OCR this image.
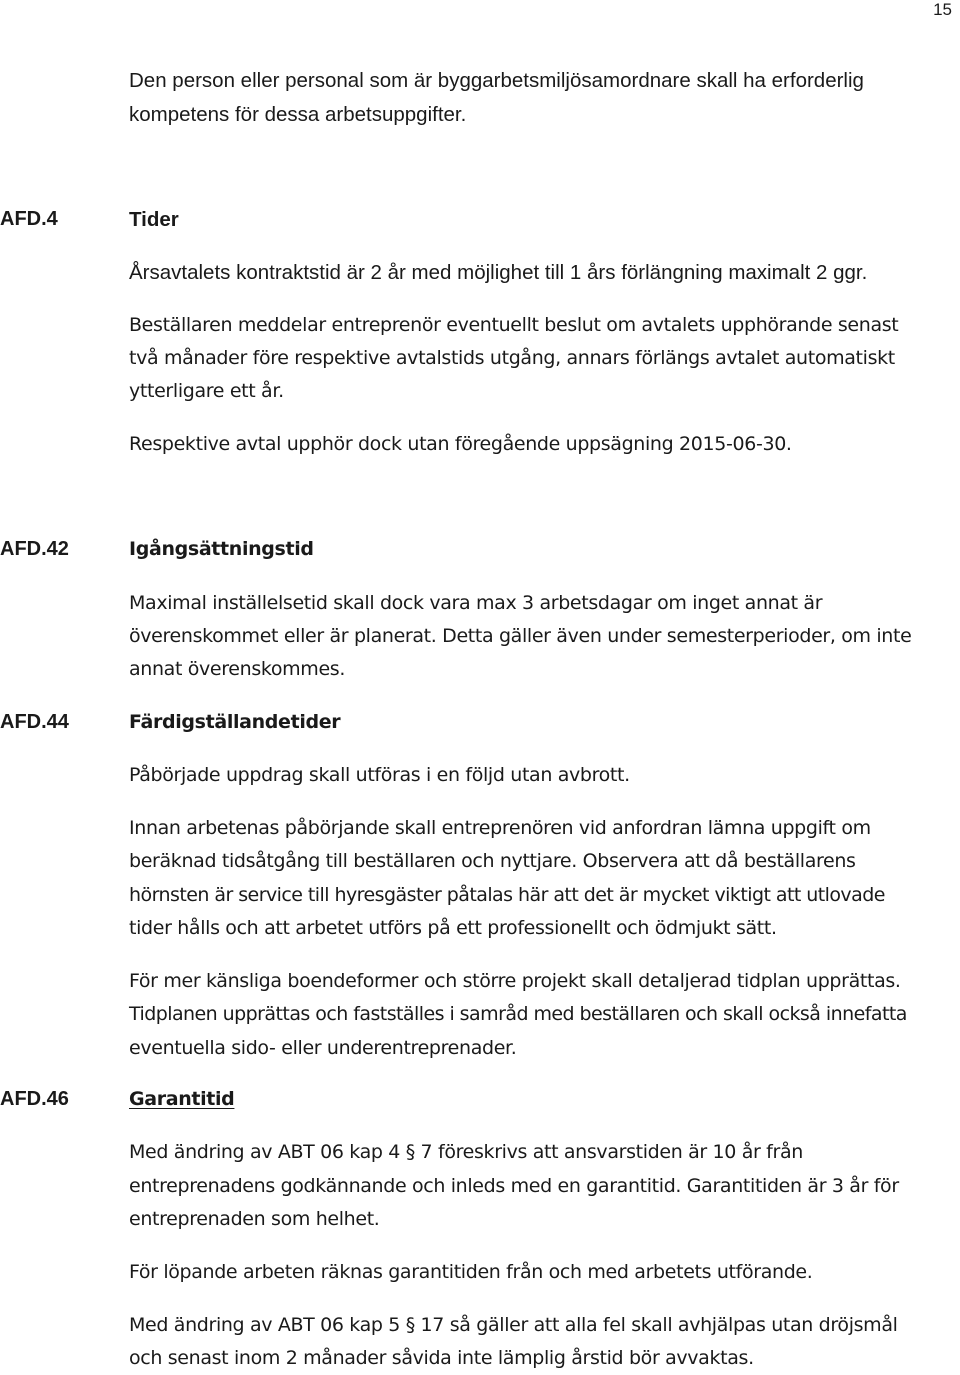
15
Den person eller personal som är byggarbetsmiljösamordnare skall ha erforderlig
kompetens för dessa arbetsuppgifter.
AFD.4	Tider
Årsavtalets kontraktstid är 2 år med möjlighet till 1 års förlängning maximalt 2 ggr.
Beställaren meddelar entreprenör eventuellt beslut om avtalets upphörande senast
två månader före respektive avtalstids utgång, annars förlängs avtalet automatiskt
ytterligare ett år.
Respektive avtal upphör dock utan föregående uppsägning 2015-06-30.
AFD.42	Igångsättningstid
Maximal inställelsetid skall dock vara max 3 arbetsdagar om inget annat är
överenskommet eller är planerat. Detta gäller även under semesterperioder, om inte
annat överenskommes.
AFD.44	Färdigställandetider
Påbörjade uppdrag skall utföras i en följd utan avbrott.
Innan arbetenas påbörjande skall entreprenören vid anfordran lämna uppgift om
beräknad tidsåtgång till beställaren och nyttjare. Observera att då beställarens
hörnsten är service till hyresgäster påtalas här att det är mycket viktigt att utlovade
tider hålls och att arbetet utförs på ett professionellt och ödmjukt sätt.
För mer känsliga boendeformer och större projekt skall detaljerad tidplan upprättas.
Tidplanen upprättas och fastställes i samråd med beställaren och skall också innefatta
eventuella sido- eller underentreprenader.
AFD.46	Garantitid
Med ändring av ABT 06 kap 4 § 7 föreskrivs att ansvarstiden är 10 år från
entreprenadens godkännande och inleds med en garantitid. Garantitiden är 3 år för
entreprenaden som helhet.
För löpande arbeten räknas garantitiden från och med arbetets utförande.
Med ändring av ABT 06 kap 5 § 17 så gäller att alla fel skall avhjälpas utan dröjsmål
och senast inom 2 månader såvida inte lämplig årstid bör avvaktas.
